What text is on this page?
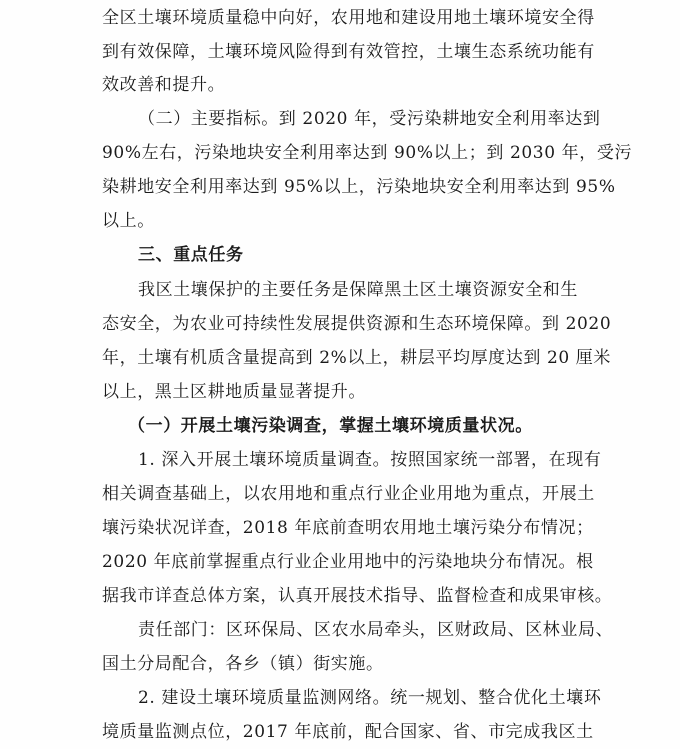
全区土壤环境质量稳中向好，农用地和建设用地土壤环境安全得
到有效保障，土壤环境风险得到有效管控，土壤生态系统功能有
效改善和提升。
（二）主要指标。到 2020 年，受污染耕地安全利用率达到
90%左右，污染地块安全利用率达到 90%以上；到 2030 年，受污
染耕地安全利用率达到 95%以上，污染地块安全利用率达到 95%
以上。
三、重点任务
我区土壤保护的主要任务是保障黑土区土壤资源安全和生
态安全，为农业可持续性发展提供资源和生态环境保障。到 2020
年，土壤有机质含量提高到 2%以上，耕层平均厚度达到 20 厘米
以上，黑土区耕地质量显著提升。
（一）开展土壤污染调查，掌握土壤环境质量状况。
1. 深入开展土壤环境质量调查。按照国家统一部署，在现有
相关调查基础上，以农用地和重点行业企业用地为重点，开展土
壤污染状况详查，2018 年底前查明农用地土壤污染分布情况；
2020 年底前掌握重点行业企业用地中的污染地块分布情况。根
据我市详查总体方案，认真开展技术指导、监督检查和成果审核。
责任部门：区环保局、区农水局牵头，区财政局、区林业局、
国土分局配合，各乡（镇）街实施。
2. 建设土壤环境质量监测网络。统一规划、整合优化土壤环
境质量监测点位，2017 年底前，配合国家、省、市完成我区土
